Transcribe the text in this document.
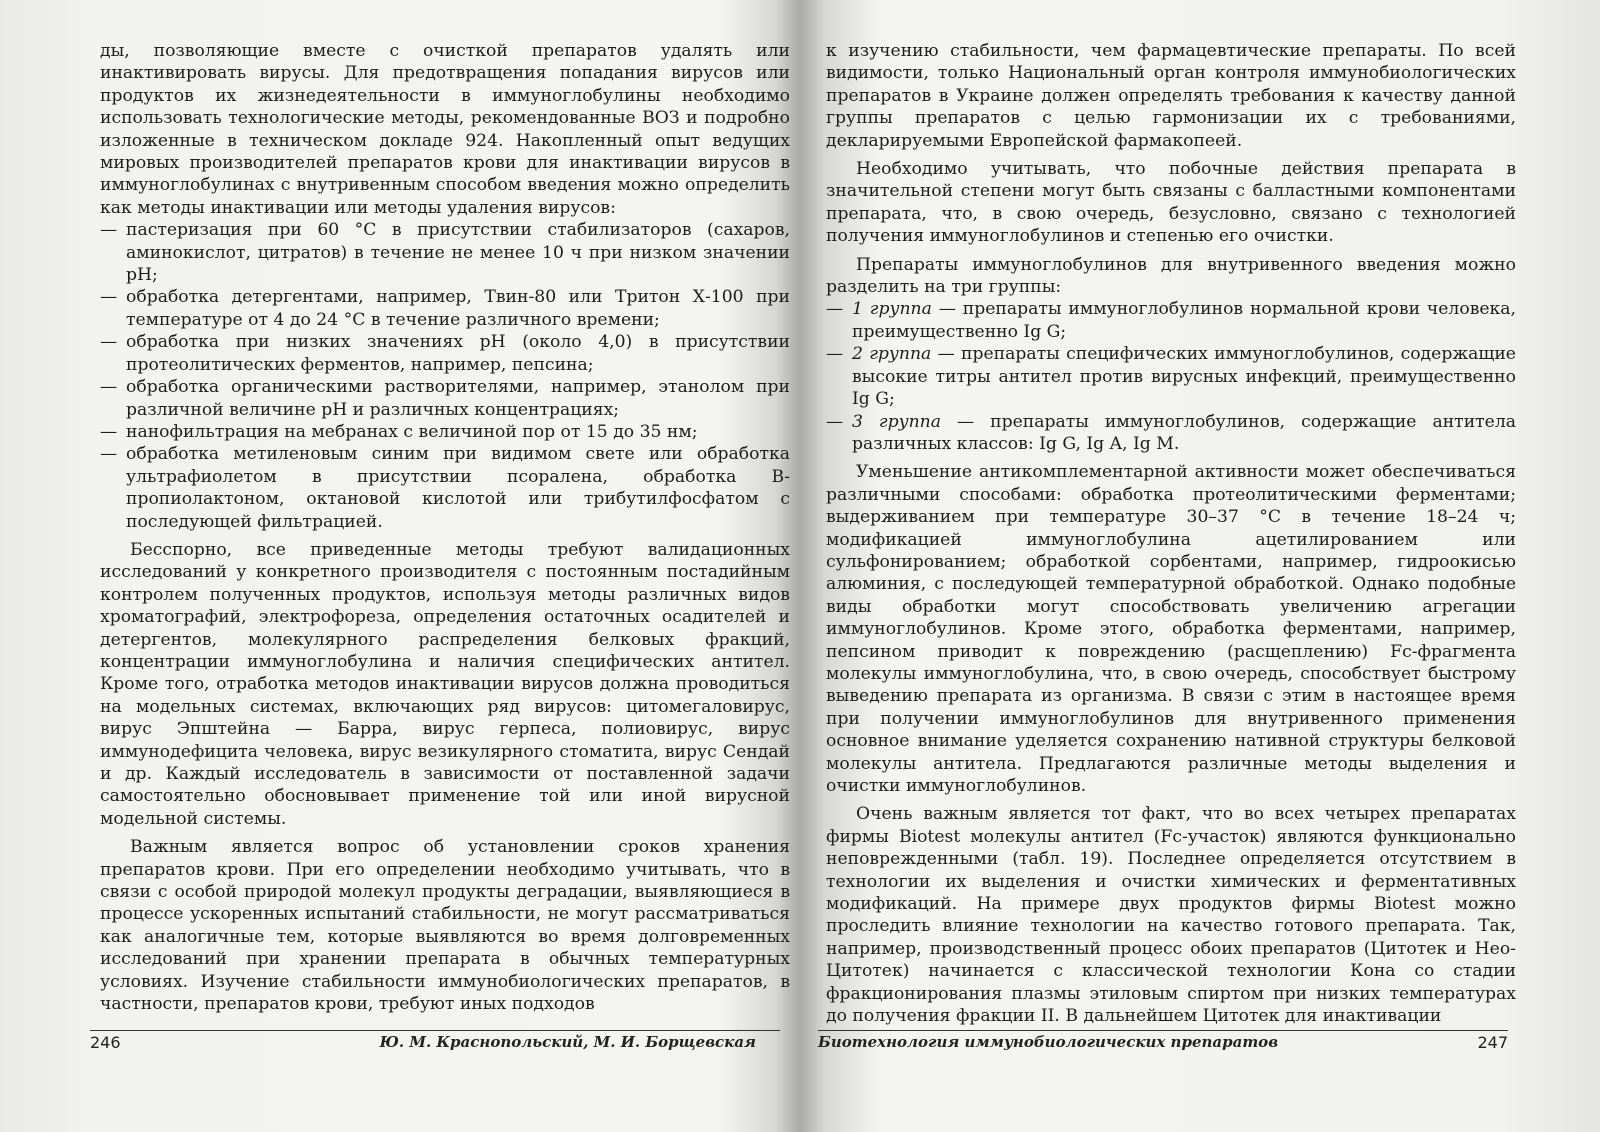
ды, позволяющие вместе с очисткой препаратов удалять или инактивировать вирусы. Для предотвращения попадания вирусов или продуктов их жизнедеятельности в иммуноглобулины необходимо использовать технологические методы, рекомендованные ВОЗ и подробно изложенные в техническом докладе 924. Накопленный опыт ведущих мировых производителей препаратов крови для инактивации вирусов в иммуноглобулинах с внутривенным способом введения можно определить как методы инактивации или методы удаления вирусов:

— пастеризация при 60 °С в присутствии стабилизаторов (сахаров, аминокислот, цитратов) в течение не менее 10 ч при низком значении рН;
— обработка детергентами, например, Твин-80 или Тритон Х-100 при температуре от 4 до 24 °С в течение различного времени;
— обработка при низких значениях рН (около 4,0) в присутствии протеолитических ферментов, например, пепсина;
— обработка органическими растворителями, например, этанолом при различной величине рН и различных концентрациях;
— нанофильтрация на мебранах с величиной пор от 15 до 35 нм;
— обработка метиленовым синим при видимом свете или обработка ультрафиолетом в присутствии псоралена, обработка В-пропиолактоном, октановой кислотой или трибутилфосфатом с последующей фильтрацией.

Бесспорно, все приведенные методы требуют валидационных исследований у конкретного производителя с постоянным постадийным контролем полученных продуктов, используя методы различных видов хроматографий, электрофореза, определения остаточных осадителей и детергентов, молекулярного распределения белковых фракций, концентрации иммуноглобулина и наличия специфических антител. Кроме того, отработка методов инактивации вирусов должна проводиться на модельных системах, включающих ряд вирусов: цитомегаловирус, вирус Эпштейна — Барра, вирус герпеса, полиовирус, вирус иммунодефицита человека, вирус везикулярного стоматита, вирус Сендай и др. Каждый исследователь в зависимости от поставленной задачи самостоятельно обосновывает применение той или иной вирусной модельной системы.

Важным является вопрос об установлении сроков хранения препаратов крови. При его определении необходимо учитывать, что в связи с особой природой молекул продукты деградации, выявляющиеся в процессе ускоренных испытаний стабильности, не могут рассматриваться как аналогичные тем, которые выявляются во время долговременных исследований при хранении препарата в обычных температурных условиях. Изучение стабильности иммунобиологических препаратов, в частности, препаратов крови, требуют иных подходов

246	Ю. М. Краснопольский, М. И. Борщевская

к изучению стабильности, чем фармацевтические препараты. По всей видимости, только Национальный орган контроля иммунобиологических препаратов в Украине должен определять требования к качеству данной группы препаратов с целью гармонизации их с требованиями, декларируемыми Европейской фармакопеей.

Необходимо учитывать, что побочные действия препарата в значительной степени могут быть связаны с балластными компонентами препарата, что, в свою очередь, безусловно, связано с технологией получения иммуноглобулинов и степенью его очистки.

Препараты иммуноглобулинов для внутривенного введения можно разделить на три группы:

— 1 группа — препараты иммуноглобулинов нормальной крови человека, преимущественно Ig G;
— 2 группа — препараты специфических иммуноглобулинов, содержащие высокие титры антител против вирусных инфекций, преимущественно Ig G;
— 3 группа — препараты иммуноглобулинов, содержащие антитела различных классов: Ig G, Ig A, Ig M.

Уменьшение антикомплементарной активности может обеспечиваться различными способами: обработка протеолитическими ферментами; выдерживанием при температуре 30–37 °С в течение 18–24 ч; модификацией иммуноглобулина ацетилированием или сульфонированием; обработкой сорбентами, например, гидроокисью алюминия, с последующей температурной обработкой. Однако подобные виды обработки могут способствовать увеличению агрегации иммуноглобулинов. Кроме этого, обработка ферментами, например, пепсином приводит к повреждению (расщеплению) Fc-фрагмента молекулы иммуноглобулина, что, в свою очередь, способствует быстрому выведению препарата из организма. В связи с этим в настоящее время при получении иммуноглобулинов для внутривенного применения основное внимание уделяется сохранению нативной структуры белковой молекулы антитела. Предлагаются различные методы выделения и очистки иммуноглобулинов.

Очень важным является тот факт, что во всех четырех препаратах фирмы Biotest молекулы антител (Fc-участок) являются функционально неповрежденными (табл. 19). Последнее определяется отсутствием в технологии их выделения и очистки химических и ферментативных модификаций. На примере двух продуктов фирмы Biotest можно проследить влияние технологии на качество готового препарата. Так, например, производственный процесс обоих препаратов (Цитотек и Нео-Цитотек) начинается с классической технологии Кона со стадии фракционирования плазмы этиловым спиртом при низких температурах до получения фракции II. В дальнейшем Цитотек для инактивации

Биотехнология иммунобиологических препаратов	247
